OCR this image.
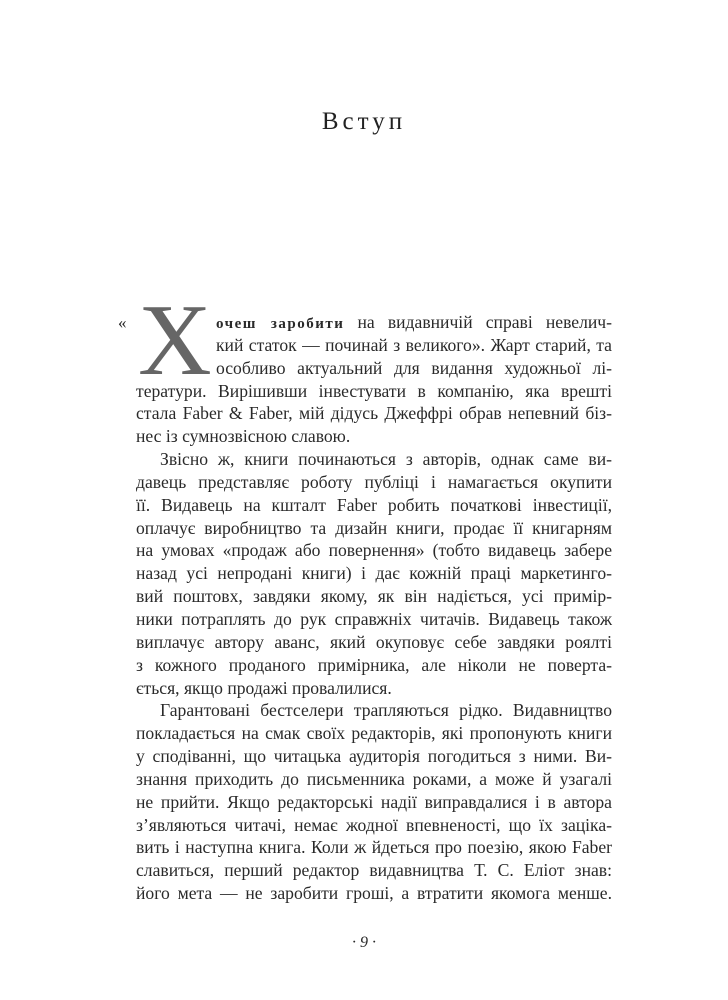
Вступ
« Х очеш заробити на видавничій справі невелич-
кий статок — починай з великого». Жарт старий, та
особливо актуальний для видання художньої лі-
тератури. Вирішивши інвестувати в компанію, яка врешті
стала Faber & Faber, мій дідусь Джеффрі обрав непевний біз-
нес із сумнозвісною славою.
Звісно ж, книги починаються з авторів, однак саме ви-
давець представляє роботу публіці і намагається окупити
її. Видавець на кшталт Faber робить початкові інвестиції,
оплачує виробництво та дизайн книги, продає її книгарням
на умовах «продаж або повернення» (тобто видавець забере
назад усі непродані книги) і дає кожній праці маркетинго-
вий поштовх, завдяки якому, як він надіється, усі примір-
ники потраплять до рук справжніх читачів. Видавець також
виплачує автору аванс, який окуповує себе завдяки роялті
з кожного проданого примірника, але ніколи не поверта-
ється, якщо продажі провалилися.
Гарантовані бестселери трапляються рідко. Видавництво
покладається на смак своїх редакторів, які пропонують книги
у сподіванні, що читацька аудиторія погодиться з ними. Ви-
знання приходить до письменника роками, а може й узагалі
не прийти. Якщо редакторські надії виправдалися і в автора
з’являються читачі, немає жодної впевненості, що їх заціка-
вить і наступна книга. Коли ж йдеться про поезію, якою Faber
славиться, перший редактор видавництва Т. С. Еліот знав:
його мета — не заробити гроші, а втратити якомога менше.
· 9 ·
